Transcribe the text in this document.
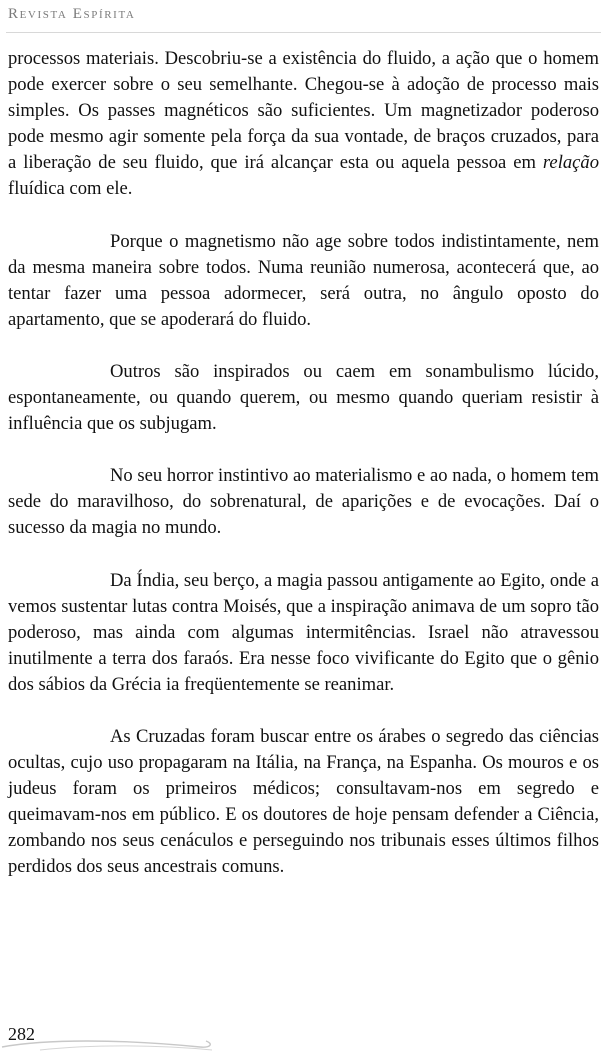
Revista Espírita

processos materiais. Descobriu-se a existência do fluido, a ação que o homem pode exercer sobre o seu semelhante. Chegou-se à adoção de processo mais simples. Os passes magnéticos são suficientes. Um magnetizador poderoso pode mesmo agir somente pela força da sua vontade, de braços cruzados, para a liberação de seu fluido, que irá alcançar esta ou aquela pessoa em relação fluídica com ele.

Porque o magnetismo não age sobre todos indistintamente, nem da mesma maneira sobre todos. Numa reunião numerosa, acontecerá que, ao tentar fazer uma pessoa adormecer, será outra, no ângulo oposto do apartamento, que se apoderará do fluido.

Outros são inspirados ou caem em sonambulismo lúcido, espontaneamente, ou quando querem, ou mesmo quando queriam resistir à influência que os subjugam.

No seu horror instintivo ao materialismo e ao nada, o homem tem sede do maravilhoso, do sobrenatural, de aparições e de evocações. Daí o sucesso da magia no mundo.

Da Índia, seu berço, a magia passou antigamente ao Egito, onde a vemos sustentar lutas contra Moisés, que a inspiração animava de um sopro tão poderoso, mas ainda com algumas intermitências. Israel não atravessou inutilmente a terra dos faraós. Era nesse foco vivificante do Egito que o gênio dos sábios da Grécia ia freqüentemente se reanimar.

As Cruzadas foram buscar entre os árabes o segredo das ciências ocultas, cujo uso propagaram na Itália, na França, na Espanha. Os mouros e os judeus foram os primeiros médicos; consultavam-nos em segredo e queimavam-nos em público. E os doutores de hoje pensam defender a Ciência, zombando nos seus cenáculos e perseguindo nos tribunais esses últimos filhos perdidos dos seus ancestrais comuns.

282
